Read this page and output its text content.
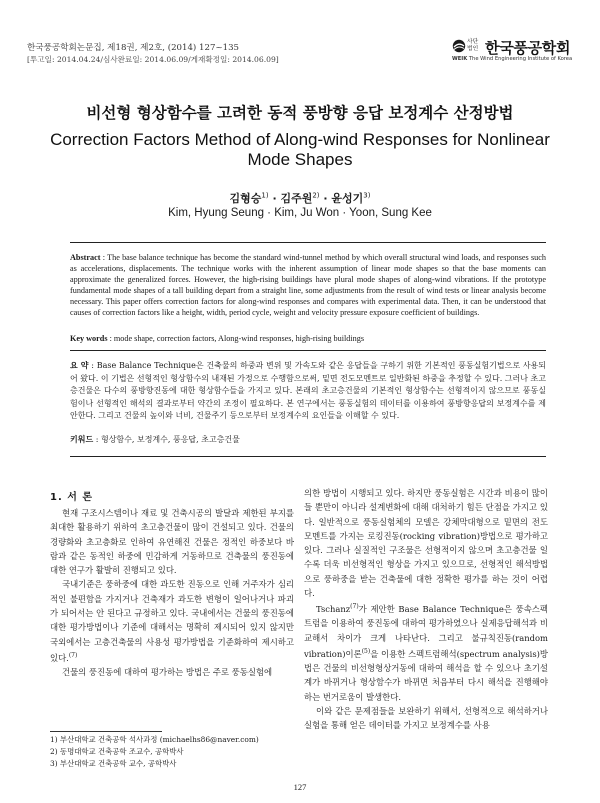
한국풍공학회논문집, 제18권, 제2호, (2014) 127~135
[투고일: 2014.04.24/심사완료일: 2014.06.09/게재확정일: 2014.06.09]
사단
법인 한국풍공학회
WEIK The Wind Engineering Institute of Korea
비선형 형상함수를 고려한 동적 풍방향 응답 보정계수 산정방법
Correction Factors Method of Along-wind Responses for Nonlinear Mode Shapes
김형승$^{1)}$ · 김주원$^{2)}$ · 윤성기$^{3)}$
Kim, Hyung Seung · Kim, Ju Won · Yoon, Sung Kee
Abstract : The base balance technique has become the standard wind-tunnel method by which overall structural wind loads, and responses such as accelerations, displacements. The technique works with the inherent assumption of linear mode shapes so that the base moments can approximate the generalized forces. However, the high-rising buildings have plural mode shapes of along-wind vibrations. If the prototype fundamental mode shapes of a tall building depart from a straight line, some adjustments from the result of wind tests or linear analysis become necessary. This paper offers correction factors for along-wind responses and compares with experimental data. Then, it can be understood that causes of correction factors like a height, width, period cycle, weight and velocity pressure exposure coefficient of buildings.
Key words : mode shape, correction factors, Along-wind responses, high-rising buildings
요 약 : Base Balance Technique은 건축물의 하중과 변위 및 가속도와 같은 응답들을 구하기 위한 기본적인 풍동실험기법으로 사용되어 왔다. 이 기법은 선형적인 형상함수의 내재된 가정으로 수행함으로써, 밑면 전도모멘트로 일반화된 하중을 추정할 수 있다. 그러나 초고층건물은 다수의 풍방향진동에 대한 형상함수들을 가지고 있다. 본래의 초고층건물의 기본적인 형상함수는 선형적이지 않으므로 풍동실험이나 선형적인 해석의 결과로부터 약간의 조정이 필요하다. 본 연구에서는 풍동실험의 데이터를 이용하여 풍방향응답의 보정계수를 제안한다. 그리고 건물의 높이와 너비, 건물주기 등으로부터 보정계수의 요인들을 이해할 수 있다.
키워드 : 형상함수, 보정계수, 풍응답, 초고층건물
1. 서 론

현재 구조시스템이나 재료 및 건축시공의 발달과 제한된 부지를 최대한 활용하기 위하여 초고층건물이 많이 건설되고 있다. 건물의 경량화와 초고층화로 인하여 유연해진 건물은 정적인 하중보다 바람과 같은 동적인 하중에 민감하게 거동하므로 건축물의 풍진동에 대한 연구가 활발히 진행되고 있다.

국내기준은 풍하중에 대한 과도한 진동으로 인해 거주자가 심리적인 불편함을 가지거나 건축재가 과도한 변형이 일어나거나 파괴가 되어서는 안 된다고 규정하고 있다. 국내에서는 건물의 풍진동에 대한 평가방법이나 기준에 대해서는 명확히 제시되어 있지 않지만 국외에서는 고층건축물의 사용성 평가방법을 기준화하여 제시하고 있다.$^{(7)}$

건물의 풍진동에 대하여 평가하는 방법은 주로 풍동실험에

의한 방법이 시행되고 있다. 하지만 풍동실험은 시간과 비용이 많이 들 뿐만이 아니라 설계변화에 대해 대처하기 힘든 단점을 가지고 있다. 일반적으로 풍동실험체의 모델은 강체막대형으로 밑면의 전도모멘트를 가지는 로킹진동(rocking vibration)방법으로 평가하고 있다. 그러나 실질적인 구조물은 선형적이지 않으며 초고층건물 일수록 더욱 비선형적인 형상을 가지고 있으므로, 선형적인 해석방법으로 풍하중을 받는 건축물에 대한 정확한 평가를 하는 것이 어렵다.

Tschanz$^{(7)}$가 제안한 Base Balance Technique은 풍속스펙트럼을 이용하여 풍진동에 대하여 평가하였으나 실제응답해석과 비교해서 차이가 크게 나타난다. 그리고 불규칙진동(random vibration)이론$^{(5)}$을 이용한 스펙트럼해석(spectrum analysis)방법은 건물의 비선형형상거동에 대하여 해석을 할 수 있으나 초기설계가 바뀌거나 형상함수가 바뀌면 처음부터 다시 해석을 진행해야 하는 번거로움이 발생한다.

이와 같은 문제점들을 보완하기 위해서, 선형적으로 해석하거나 실험을 통해 얻은 데이터를 가지고 보정계수를 사용

1) 부산대학교 건축공학 석사과정 (michaelhs86@naver.com)
2) 동명대학교 건축공학 조교수, 공학박사
3) 부산대학교 건축공학 교수, 공학박사
127
